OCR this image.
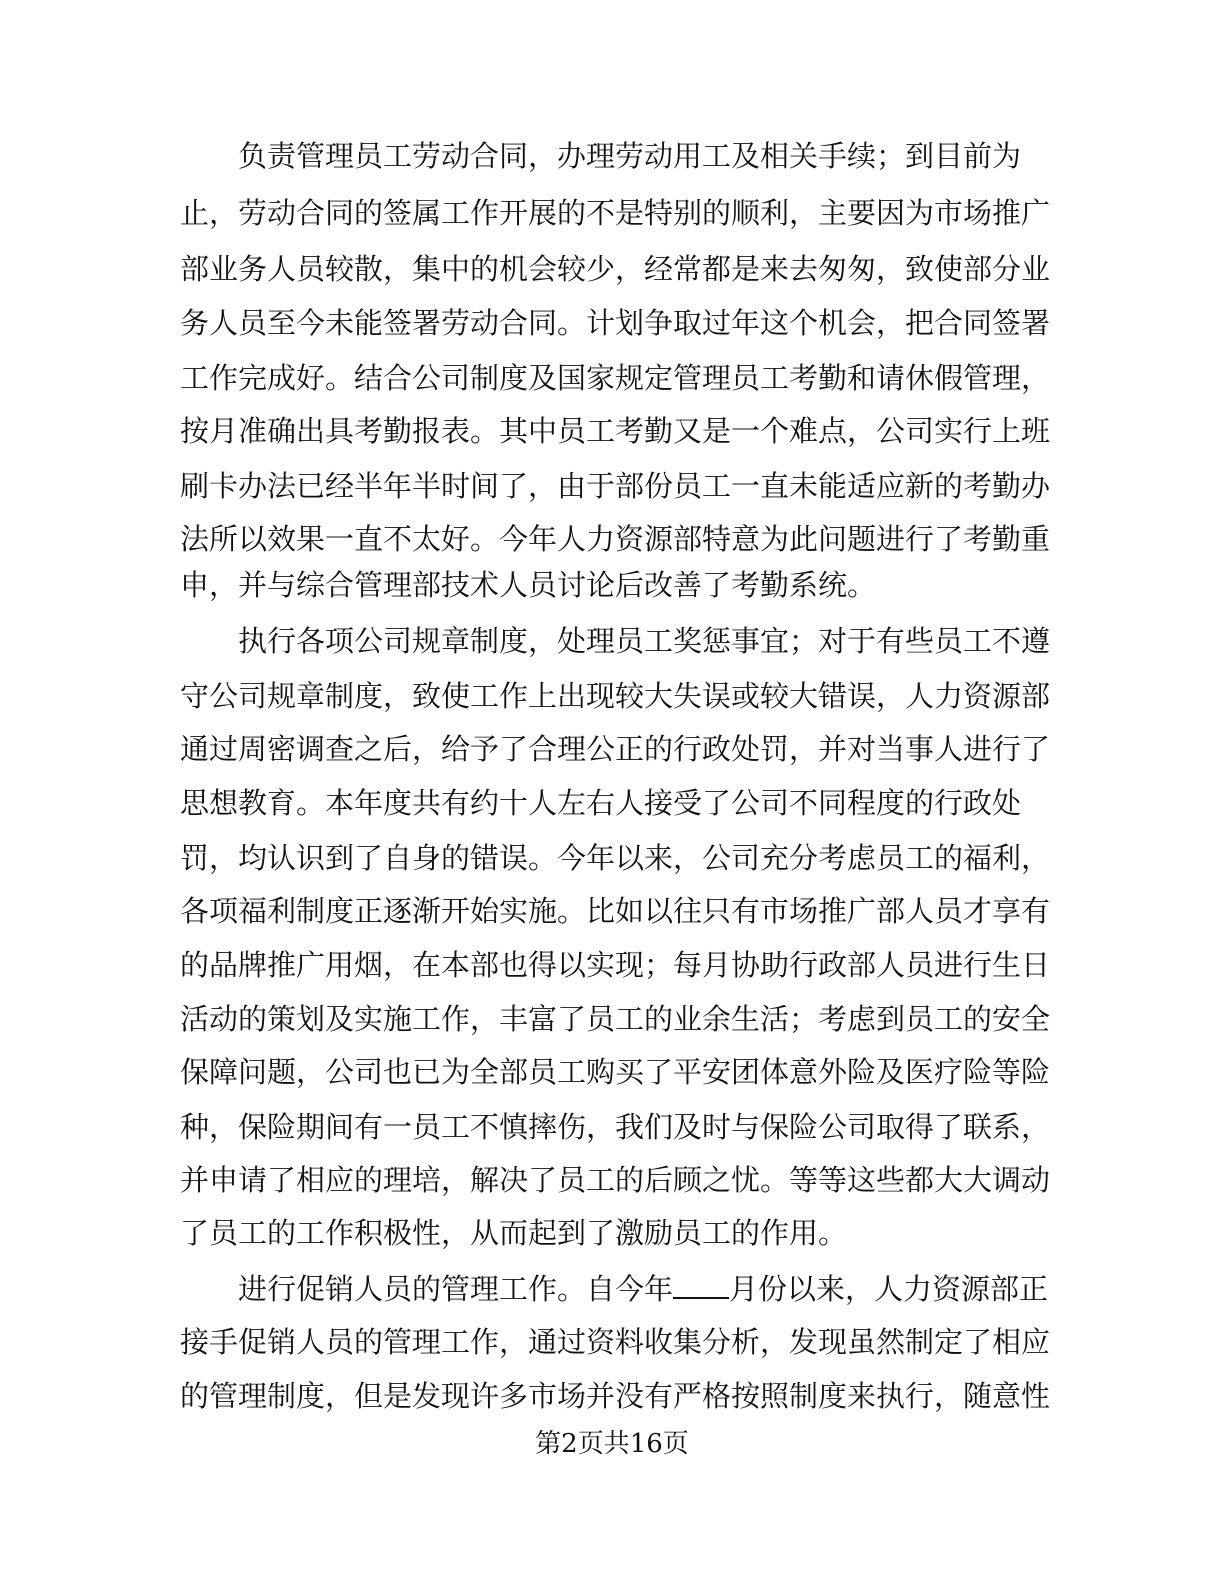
负责管理员工劳动合同，办理劳动用工及相关手续；到目前为
止，劳动合同的签属工作开展的不是特别的顺利，主要因为市场推广
部业务人员较散，集中的机会较少，经常都是来去匆匆，致使部分业
务人员至今未能签署劳动合同。计划争取过年这个机会，把合同签署
工作完成好。结合公司制度及国家规定管理员工考勤和请休假管理，
按月准确出具考勤报表。其中员工考勤又是一个难点，公司实行上班
刷卡办法已经半年半时间了，由于部份员工一直未能适应新的考勤办
法所以效果一直不太好。今年人力资源部特意为此问题进行了考勤重
申，并与综合管理部技术人员讨论后改善了考勤系统。
执行各项公司规章制度，处理员工奖惩事宜；对于有些员工不遵
守公司规章制度，致使工作上出现较大失误或较大错误，人力资源部
通过周密调查之后，给予了合理公正的行政处罚，并对当事人进行了
思想教育。本年度共有约十人左右人接受了公司不同程度的行政处
罚，均认识到了自身的错误。今年以来，公司充分考虑员工的福利，
各项福利制度正逐渐开始实施。比如以往只有市场推广部人员才享有
的品牌推广用烟，在本部也得以实现；每月协助行政部人员进行生日
活动的策划及实施工作，丰富了员工的业余生活；考虑到员工的安全
保障问题，公司也已为全部员工购买了平安团体意外险及医疗险等险
种，保险期间有一员工不慎摔伤，我们及时与保险公司取得了联系，
并申请了相应的理培，解决了员工的后顾之忧。等等这些都大大调动
了员工的工作积极性，从而起到了激励员工的作用。
进行促销人员的管理工作。自今年 月份以来，人力资源部正
接手促销人员的管理工作，通过资料收集分析，发现虽然制定了相应
的管理制度，但是发现许多市场并没有严格按照制度来执行，随意性
第2页共16页
